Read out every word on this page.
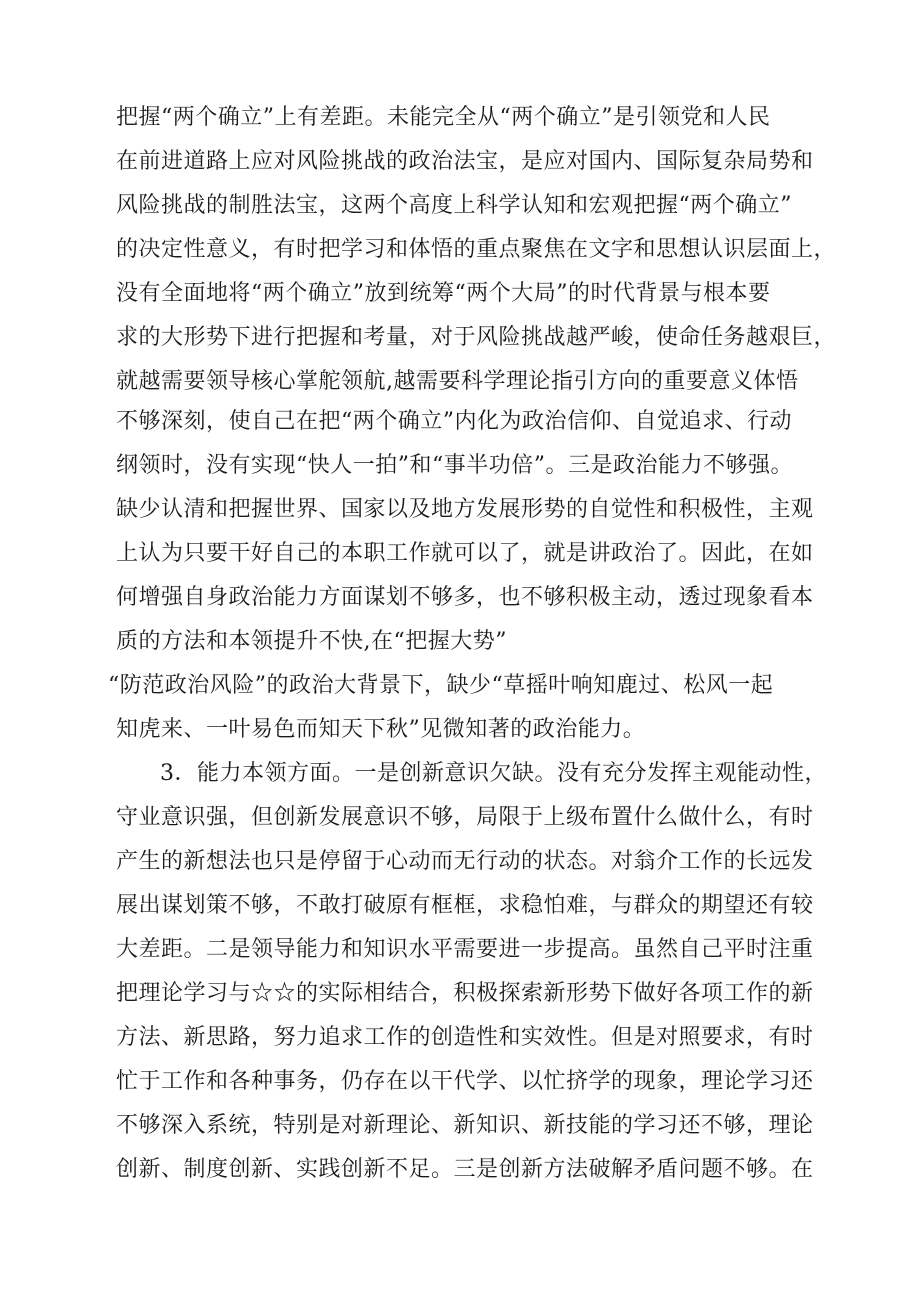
把握“两个确立”上有差距。未能完全从“两个确立”是引领党和人民

在前进道路上应对风险挑战的政治法宝，是应对国内、国际复杂局势和

风险挑战的制胜法宝，这两个高度上科学认知和宏观把握“两个确立”

的决定性意义，有时把学习和体悟的重点聚焦在文字和思想认识层面上，

没有全面地将“两个确立”放到统筹“两个大局”的时代背景与根本要

求的大形势下进行把握和考量，对于风险挑战越严峻，使命任务越艰巨，

就越需要领导核心掌舵领航,越需要科学理论指引方向的重要意义体悟

不够深刻，使自己在把“两个确立”内化为政治信仰、自觉追求、行动

纲领时，没有实现“快人一拍”和“事半功倍”。三是政治能力不够强。

缺少认清和把握世界、国家以及地方发展形势的自觉性和积极性，主观

上认为只要干好自己的本职工作就可以了，就是讲政治了。因此，在如

何增强自身政治能力方面谋划不够多，也不够积极主动，透过现象看本

质的方法和本领提升不快,在“把握大势”

“防范政治风险”的政治大背景下，缺少“草摇叶响知鹿过、松风一起

知虎来、一叶易色而知天下秋”见微知著的政治能力。

3．能力本领方面。一是创新意识欠缺。没有充分发挥主观能动性，

守业意识强，但创新发展意识不够，局限于上级布置什么做什么，有时

产生的新想法也只是停留于心动而无行动的状态。对翁介工作的长远发

展出谋划策不够，不敢打破原有框框，求稳怕难，与群众的期望还有较

大差距。二是领导能力和知识水平需要进一步提高。虽然自己平时注重

把理论学习与☆☆的实际相结合，积极探索新形势下做好各项工作的新

方法、新思路，努力追求工作的创造性和实效性。但是对照要求，有时

忙于工作和各种事务，仍存在以干代学、以忙挤学的现象，理论学习还

不够深入系统，特别是对新理论、新知识、新技能的学习还不够，理论

创新、制度创新、实践创新不足。三是创新方法破解矛盾问题不够。在
